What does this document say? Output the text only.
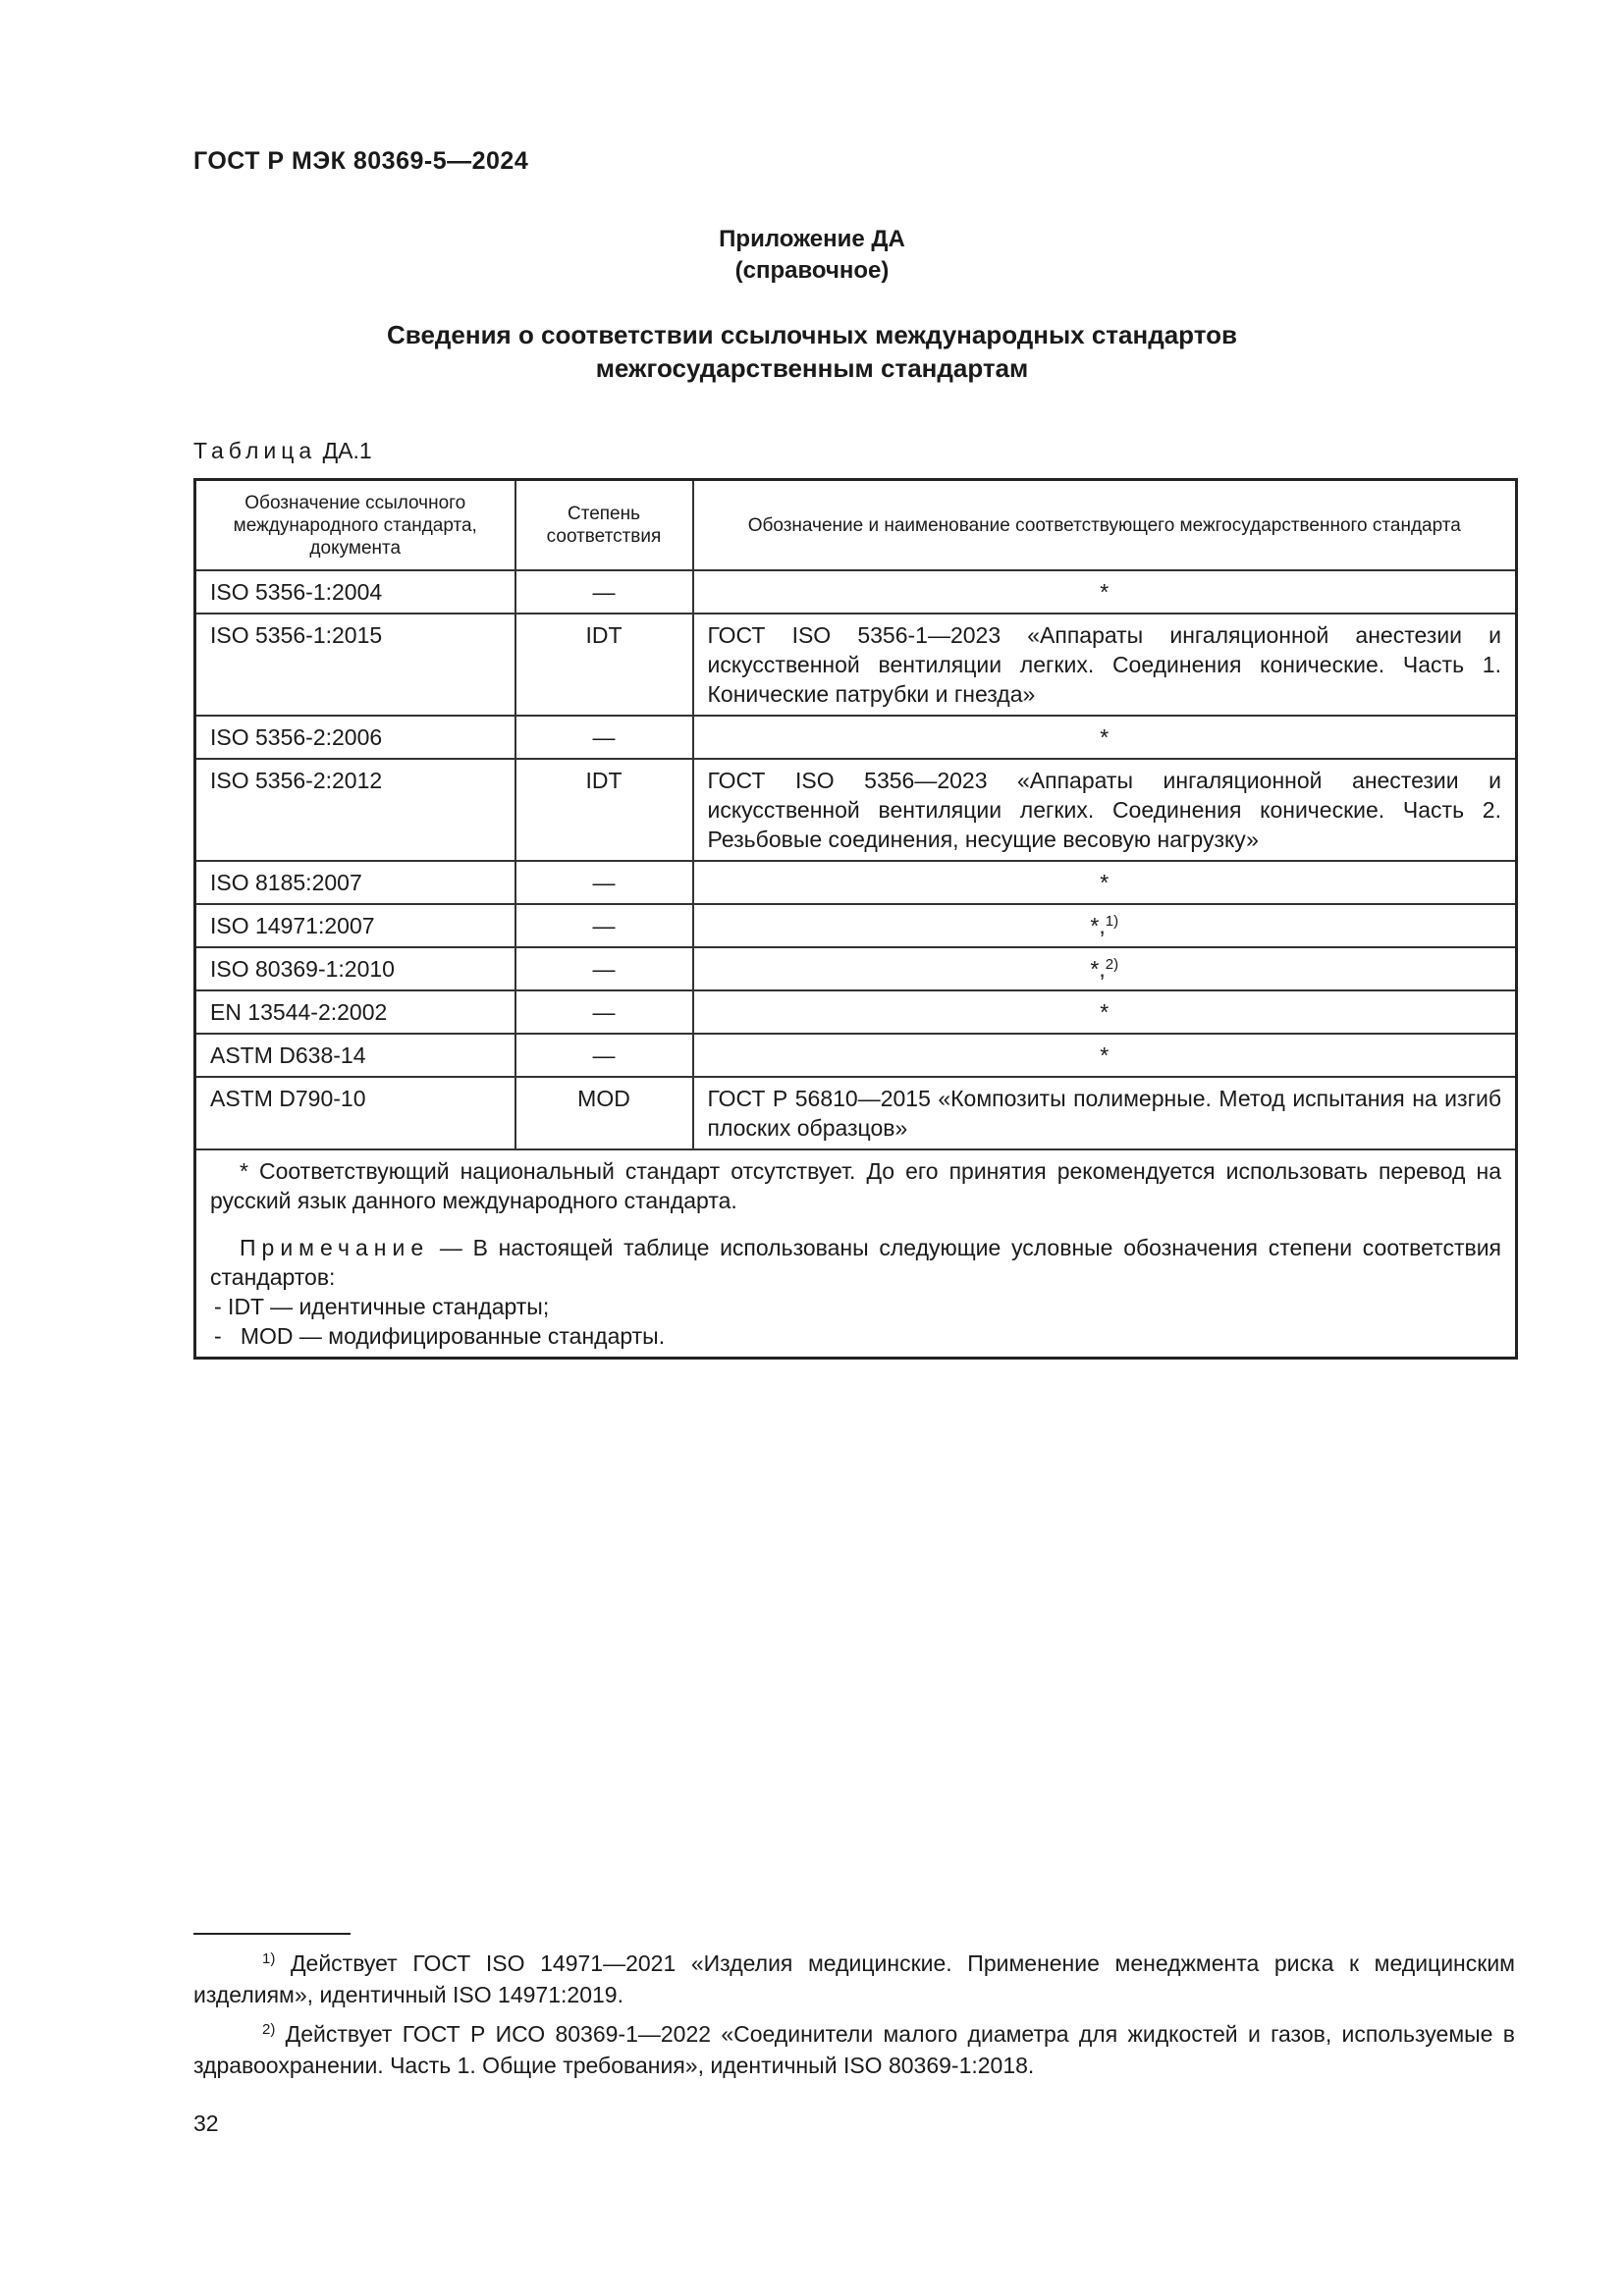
ГОСТ Р МЭК 80369-5—2024
Приложение ДА
(справочное)
Сведения о соответствии ссылочных международных стандартов
межгосударственным стандартам
Таблица ДА.1
Обозначение ссылочного международного стандарта, документа	Степень соответствия	Обозначение и наименование соответствующего межгосударственного стандарта
ISO 5356-1:2004	—	*
ISO 5356-1:2015	IDT	ГОСТ ISO 5356-1—2023 «Аппараты ингаляционной анестезии и искусственной вентиляции легких. Соединения конические. Часть 1. Конические патрубки и гнезда»
ISO 5356-2:2006	—	*
ISO 5356-2:2012	IDT	ГОСТ ISO 5356—2023 «Аппараты ингаляционной анестезии и искусственной вентиляции легких. Соединения конические. Часть 2. Резьбовые соединения, несущие весовую нагрузку»
ISO 8185:2007	—	*
ISO 14971:2007	—	*,$^{1)}$
ISO 80369-1:2010	—	*,$^{2)}$
EN 13544-2:2002	—	*
ASTM D638-14	—	*
ASTM D790-10	MOD	ГОСТ Р 56810—2015 «Композиты полимерные. Метод испытания на изгиб плоских образцов»

* Соответствующий национальный стандарт отсутствует. До его принятия рекомендуется использовать перевод на русский язык данного международного стандарта.

Примечание — В настоящей таблице использованы следующие условные обозначения степени соответствия стандартов:

- IDT — идентичные стандарты;

-   MOD — модифицированные стандарты.		

$^{1)}$ Действует ГОСТ ISO 14971—2021 «Изделия медицинские. Применение менеджмента риска к медицинским изделиям», идентичный ISO 14971:2019.
$^{2)}$ Действует ГОСТ Р ИСО 80369-1—2022 «Соединители малого диаметра для жидкостей и газов, используемые в здравоохранении. Часть 1. Общие требования», идентичный ISO 80369-1:2018.
32
